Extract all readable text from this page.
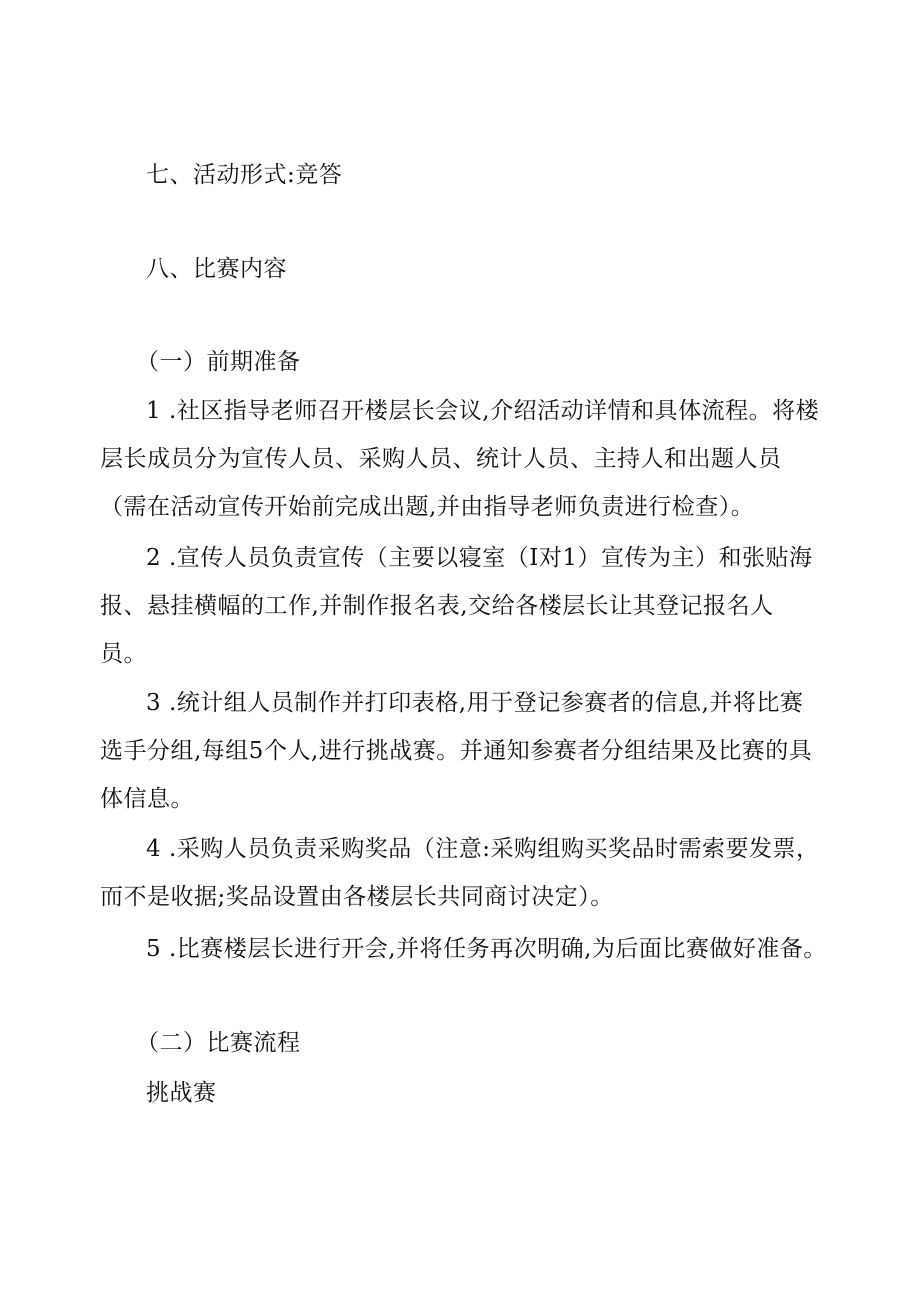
七、活动形式:竞答
八、比赛内容
（一）前期准备
1 .社区指导老师召开楼层长会议,介绍活动详情和具体流程。将楼
层长成员分为宣传人员、采购人员、统计人员、主持人和出题人员
（需在活动宣传开始前完成出题,并由指导老师负责进行检查）。
2 .宣传人员负责宣传（主要以寝室（I对1）宣传为主）和张贴海
报、悬挂横幅的工作,并制作报名表,交给各楼层长让其登记报名人
员。
3 .统计组人员制作并打印表格,用于登记参赛者的信息,并将比赛
选手分组,每组5个人,进行挑战赛。并通知参赛者分组结果及比赛的具
体信息。
4 .采购人员负责采购奖品（注意:采购组购买奖品时需索要发票，
而不是收据;奖品设置由各楼层长共同商讨决定）。
5 .比赛楼层长进行开会,并将任务再次明确,为后面比赛做好准备。
（二）比赛流程
挑战赛
